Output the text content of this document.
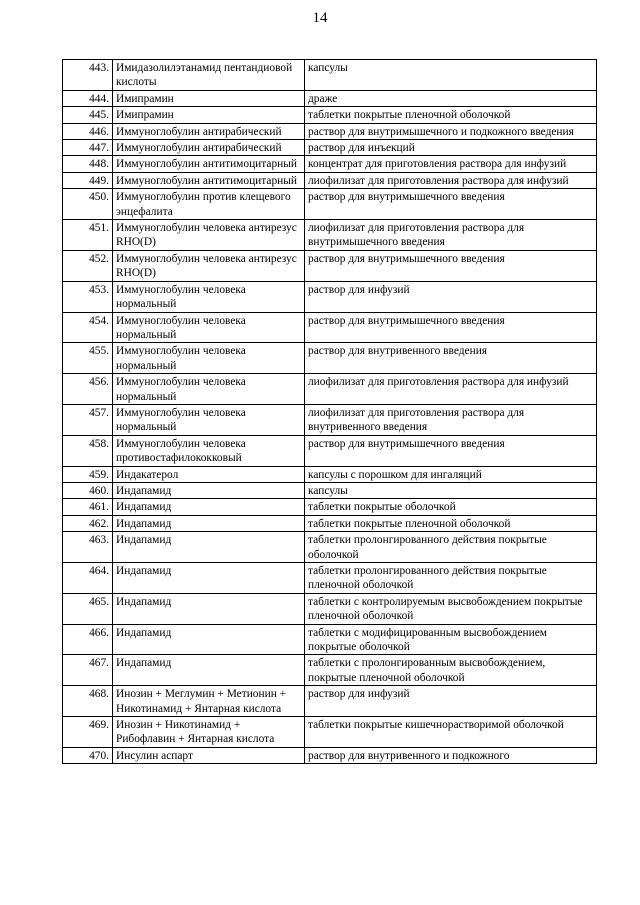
14
443.	Имидазолилэтанамид пентандиовой кислоты	капсулы
444.	Имипрамин	драже
445.	Имипрамин	таблетки покрытые пленочной оболочкой
446.	Иммуноглобулин антирабический	раствор для внутримышечного и подкожного введения
447.	Иммуноглобулин антирабический	раствор для инъекций
448.	Иммуноглобулин антитимоцитарный	концентрат для приготовления раствора для инфузий
449.	Иммуноглобулин антитимоцитарный	лиофилизат для приготовления раствора для инфузий
450.	Иммуноглобулин против клещевого энцефалита	раствор для внутримышечного введения
451.	Иммуноглобулин человека антирезус RHO(D)	лиофилизат для приготовления раствора для внутримышечного введения
452.	Иммуноглобулин человека антирезус RHO(D)	раствор для внутримышечного введения
453.	Иммуноглобулин человека нормальный	раствор для инфузий
454.	Иммуноглобулин человека нормальный	раствор для внутримышечного введения
455.	Иммуноглобулин человека нормальный	раствор для внутривенного введения
456.	Иммуноглобулин человека нормальный	лиофилизат для приготовления раствора для инфузий
457.	Иммуноглобулин человека нормальный	лиофилизат для приготовления раствора для внутривенного введения
458.	Иммуноглобулин человека противостафилококковый	раствор для внутримышечного введения
459.	Индакатерол	капсулы с порошком для ингаляций
460.	Индапамид	капсулы
461.	Индапамид	таблетки покрытые оболочкой
462.	Индапамид	таблетки покрытые пленочной оболочкой
463.	Индапамид	таблетки пролонгированного действия покрытые оболочкой
464.	Индапамид	таблетки пролонгированного действия покрытые пленочной оболочкой
465.	Индапамид	таблетки с контролируемым высвобождением покрытые пленочной оболочкой
466.	Индапамид	таблетки с модифицированным высвобождением покрытые оболочкой
467.	Индапамид	таблетки с пролонгированным высвобождением, покрытые пленочной оболочкой
468.	Инозин + Меглумин + Метионин + Никотинамид + Янтарная кислота	раствор для инфузий
469.	Инозин + Никотинамид + Рибофлавин + Янтарная кислота	таблетки покрытые кишечнорастворимой оболочкой
470.	Инсулин аспарт	раствор для внутривенного и подкожного
